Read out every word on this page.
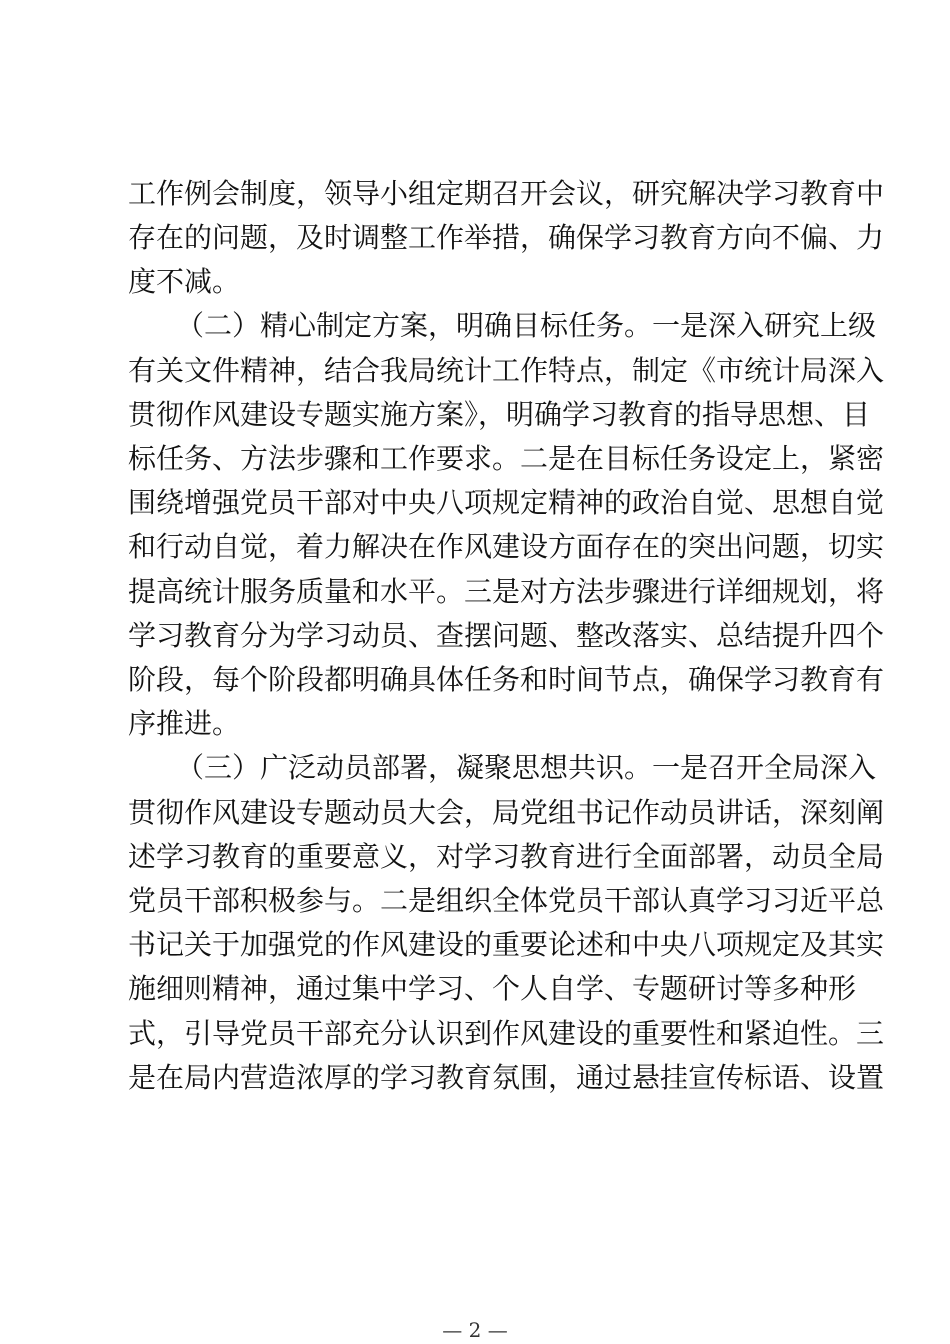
工作例会制度，领导小组定期召开会议，研究解决学习教育中
存在的问题，及时调整工作举措，确保学习教育方向不偏、力
度不减。
（二）精心制定方案，明确目标任务。一是深入研究上级
有关文件精神，结合我局统计工作特点，制定《市统计局深入
贯彻作风建设专题实施方案》，明确学习教育的指导思想、目
标任务、方法步骤和工作要求。二是在目标任务设定上，紧密
围绕增强党员干部对中央八项规定精神的政治自觉、思想自觉
和行动自觉，着力解决在作风建设方面存在的突出问题，切实
提高统计服务质量和水平。三是对方法步骤进行详细规划，将
学习教育分为学习动员、查摆问题、整改落实、总结提升四个
阶段，每个阶段都明确具体任务和时间节点，确保学习教育有
序推进。
（三）广泛动员部署，凝聚思想共识。一是召开全局深入
贯彻作风建设专题动员大会，局党组书记作动员讲话，深刻阐
述学习教育的重要意义，对学习教育进行全面部署，动员全局
党员干部积极参与。二是组织全体党员干部认真学习习近平总
书记关于加强党的作风建设的重要论述和中央八项规定及其实
施细则精神，通过集中学习、个人自学、专题研讨等多种形
式，引导党员干部充分认识到作风建设的重要性和紧迫性。三
是在局内营造浓厚的学习教育氛围，通过悬挂宣传标语、设置
— 2 —
